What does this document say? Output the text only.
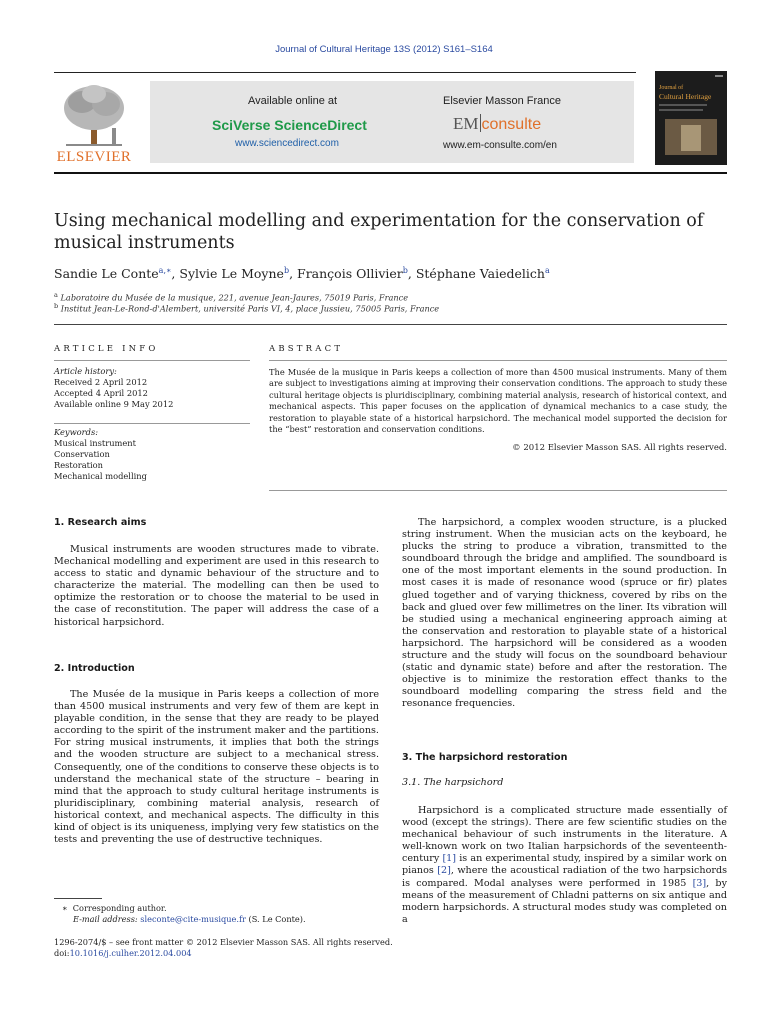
Journal of Cultural Heritage 13S (2012) S161–S164
ELSEVIER
Available online at
SciVerse ScienceDirect
www.sciencedirect.com
Elsevier Masson France
EM consulte
www.em-consulte.com/en
Journal of
Cultural Heritage
Using mechanical modelling and experimentation for the conservation of
musical instruments
Sandie Le Conte$^{a,∗}$, Sylvie Le Moyne$^b$, François Ollivier$^b$, Stéphane Vaiedelich$^a$
$^a$ Laboratoire du Musée de la musique, 221, avenue Jean-Jaures, 75019 Paris, France
$^b$ Institut Jean-Le-Rond-d'Alembert, université Paris VI, 4, place Jussieu, 75005 Paris, France
ARTICLE INFO
Article history:
Received 2 April 2012
Accepted 4 April 2012
Available online 9 May 2012
Keywords:
Musical instrument
Conservation
Restoration
Mechanical modelling
ABSTRACT
The Musée de la musique in Paris keeps a collection of more than 4500 musical instruments. Many of them are subject to investigations aiming at improving their conservation conditions. The approach to study these cultural heritage objects is pluridisciplinary, combining material analysis, research of historical context, and mechanical aspects. This paper focuses on the application of dynamical mechanics to a case study, the restoration to playable state of a historical harpsichord. The mechanical model supported the decision for the “best” restoration and conservation conditions.
© 2012 Elsevier Masson SAS. All rights reserved.
1. Research aims

Musical instruments are wooden structures made to vibrate. Mechanical modelling and experiment are used in this research to access to static and dynamic behaviour of the structure and to characterize the material. The modelling can then be used to optimize the restoration or to choose the material to be used in the case of reconstitution. The paper will address the case of a historical harpsichord.

2. Introduction

The Musée de la musique in Paris keeps a collection of more than 4500 musical instruments and very few of them are kept in playable condition, in the sense that they are ready to be played according to the spirit of the instrument maker and the partitions. For string musical instruments, it implies that both the strings and the wooden structure are subject to a mechanical stress. Consequently, one of the conditions to conserve these objects is to understand the mechanical state of the structure – bearing in mind that the approach to study cultural heritage instruments is pluridisciplinary, combining material analysis, research of historical context, and mechanical aspects. The difficulty in this kind of object is its uniqueness, implying very few statistics on the tests and preventing the use of destructive techniques.

∗ Corresponding author.
E-mail address: sleconte@cite-musique.fr (S. Le Conte).
1296-2074/$ – see front matter © 2012 Elsevier Masson SAS. All rights reserved.
doi:10.1016/j.culher.2012.04.004

The harpsichord, a complex wooden structure, is a plucked string instrument. When the musician acts on the keyboard, he plucks the string to produce a vibration, transmitted to the soundboard through the bridge and amplified. The soundboard is one of the most important elements in the sound production. In most cases it is made of resonance wood (spruce or fir) plates glued together and of varying thickness, covered by ribs on the back and glued over few millimetres on the liner. Its vibration will be studied using a mechanical engineering approach aiming at the conservation and restoration to playable state of a historical harpsichord. The harpsichord will be considered as a wooden structure and the study will focus on the soundboard behaviour (static and dynamic state) before and after the restoration. The objective is to minimize the restoration effect thanks to the soundboard modelling comparing the stress field and the resonance frequencies.

3. The harpsichord restoration
3.1. The harpsichord

Harpsichord is a complicated structure made essentially of wood (except the strings). There are few scientific studies on the mechanical behaviour of such instruments in the literature. A well-known work on two Italian harpsichords of the seventeenth-century [1] is an experimental study, inspired by a similar work on pianos [2], where the acoustical radiation of the two harpsichords is compared. Modal analyses were performed in 1985 [3], by means of the measurement of Chladni patterns on six antique and modern harpsichords. A structural modes study was completed on a
